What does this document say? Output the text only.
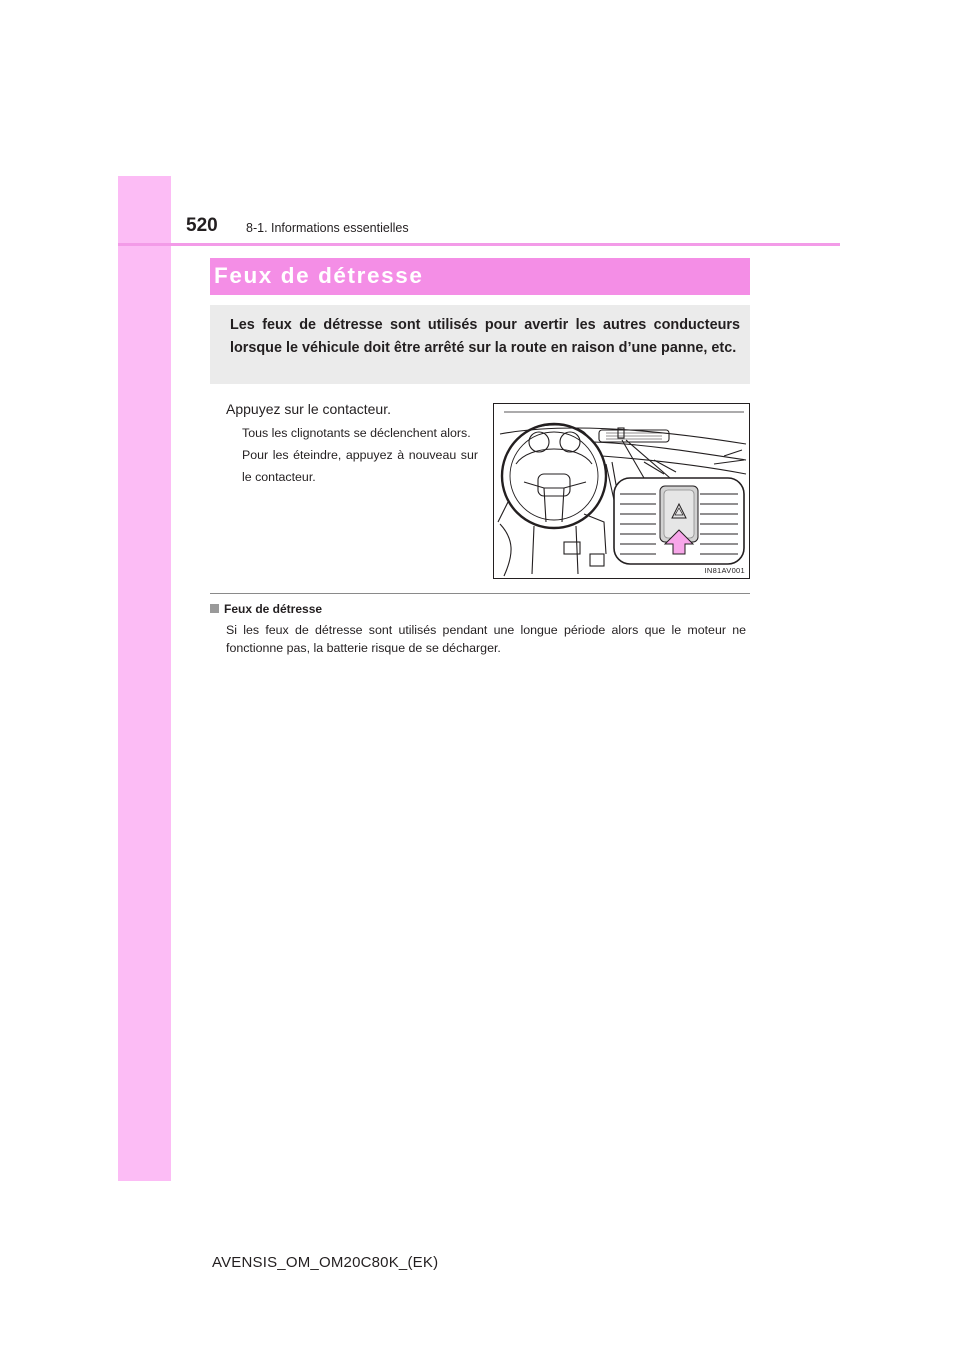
520 8-1. Informations essentielles
Feux de détresse

Les feux de détresse sont utilisés pour avertir les autres conducteurs lorsque le véhicule doit être arrêté sur la route en raison d’une panne, etc.

Appuyez sur le contacteur.

Tous les clignotants se déclenchent alors.

Pour les éteindre, appuyez à nouveau sur le contacteur.

IN81AV001
Feux de détresse

Si les feux de détresse sont utilisés pendant une longue période alors que le moteur ne fonctionne pas, la batterie risque de se décharger.

AVENSIS_OM_OM20C80K_(EK)
